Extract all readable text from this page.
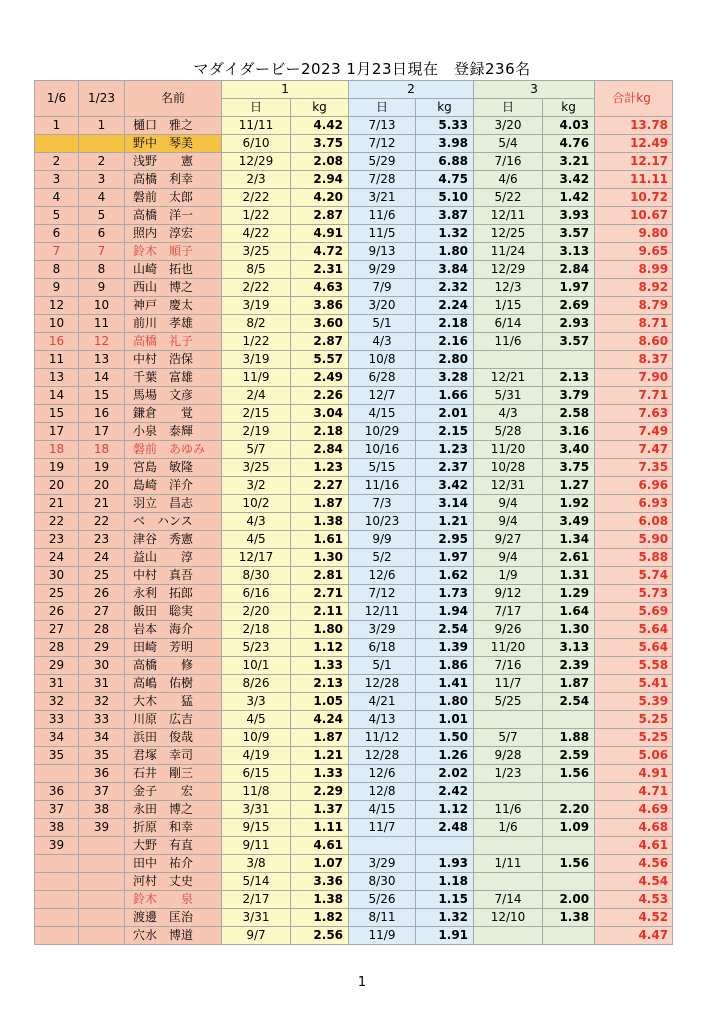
マダイダービー2023 1月23日現在　登録236名
1/6	1/23	名前	1		2		3		合計kg
			日	kg	日	kg	日	kg	
1	1	樋口　雅之	11/11	4.42	7/13	5.33	3/20	4.03	13.78
		野中　琴美	6/10	3.75	7/12	3.98	5/4	4.76	12.49
2	2	浅野　　憲	12/29	2.08	5/29	6.88	7/16	3.21	12.17
3	3	高橋　利幸	2/3	2.94	7/28	4.75	4/6	3.42	11.11
4	4	磐前　太郎	2/22	4.20	3/21	5.10	5/22	1.42	10.72
5	5	高橋　洋一	1/22	2.87	11/6	3.87	12/11	3.93	10.67
6	6	照内　淳宏	4/22	4.91	11/5	1.32	12/25	3.57	9.80
7	7	鈴木　順子	3/25	4.72	9/13	1.80	11/24	3.13	9.65
8	8	山崎　拓也	8/5	2.31	9/29	3.84	12/29	2.84	8.99
9	9	西山　博之	2/22	4.63	7/9	2.32	12/3	1.97	8.92
12	10	神戸　慶太	3/19	3.86	3/20	2.24	1/15	2.69	8.79
10	11	前川　孝雄	8/2	3.60	5/1	2.18	6/14	2.93	8.71
16	12	高橋　礼子	1/22	2.87	4/3	2.16	11/6	3.57	8.60
11	13	中村　浩保	3/19	5.57	10/8	2.80			8.37
13	14	千葉　富雄	11/9	2.49	6/28	3.28	12/21	2.13	7.90
14	15	馬場　文彦	2/4	2.26	12/7	1.66	5/31	3.79	7.71
15	16	鎌倉　　覚	2/15	3.04	4/15	2.01	4/3	2.58	7.63
17	17	小泉　泰輝	2/19	2.18	10/29	2.15	5/28	3.16	7.49
18	18	磐前　あゆみ	5/7	2.84	10/16	1.23	11/20	3.40	7.47
19	19	宮島　敏隆	3/25	1.23	5/15	2.37	10/28	3.75	7.35
20	20	島崎　洋介	3/2	2.27	11/16	3.42	12/31	1.27	6.96
21	21	羽立　昌志	10/2	1.87	7/3	3.14	9/4	1.92	6.93
22	22	ベ　ハンス	4/3	1.38	10/23	1.21	9/4	3.49	6.08
23	23	津谷　秀憲	4/5	1.61	9/9	2.95	9/27	1.34	5.90
24	24	益山　　淳	12/17	1.30	5/2	1.97	9/4	2.61	5.88
30	25	中村　真吾	8/30	2.81	12/6	1.62	1/9	1.31	5.74
25	26	永利　拓郎	6/16	2.71	7/12	1.73	9/12	1.29	5.73
26	27	飯田　聡実	2/20	2.11	12/11	1.94	7/17	1.64	5.69
27	28	岩本　海介	2/18	1.80	3/29	2.54	9/26	1.30	5.64
28	29	田崎　芳明	5/23	1.12	6/18	1.39	11/20	3.13	5.64
29	30	高橋　　修	10/1	1.33	5/1	1.86	7/16	2.39	5.58
31	31	高嶋　佑樹	8/26	2.13	12/28	1.41	11/7	1.87	5.41
32	32	大木　　猛	3/3	1.05	4/21	1.80	5/25	2.54	5.39
33	33	川原　広吉	4/5	4.24	4/13	1.01			5.25
34	34	浜田　俊哉	10/9	1.87	11/12	1.50	5/7	1.88	5.25
35	35	君塚　幸司	4/19	1.21	12/28	1.26	9/28	2.59	5.06
	36	石井　剛三	6/15	1.33	12/6	2.02	1/23	1.56	4.91
36	37	金子　　宏	11/8	2.29	12/8	2.42			4.71
37	38	永田　博之	3/31	1.37	4/15	1.12	11/6	2.20	4.69
38	39	折原　和幸	9/15	1.11	11/7	2.48	1/6	1.09	4.68
39		大野　有直	9/11	4.61					4.61
		田中　祐介	3/8	1.07	3/29	1.93	1/11	1.56	4.56
		河村　丈史	5/14	3.36	8/30	1.18			4.54
		鈴木　　泉	2/17	1.38	5/26	1.15	7/14	2.00	4.53
		渡邊　匡治	3/31	1.82	8/11	1.32	12/10	1.38	4.52
		穴水　博道	9/7	2.56	11/9	1.91			4.47
1
